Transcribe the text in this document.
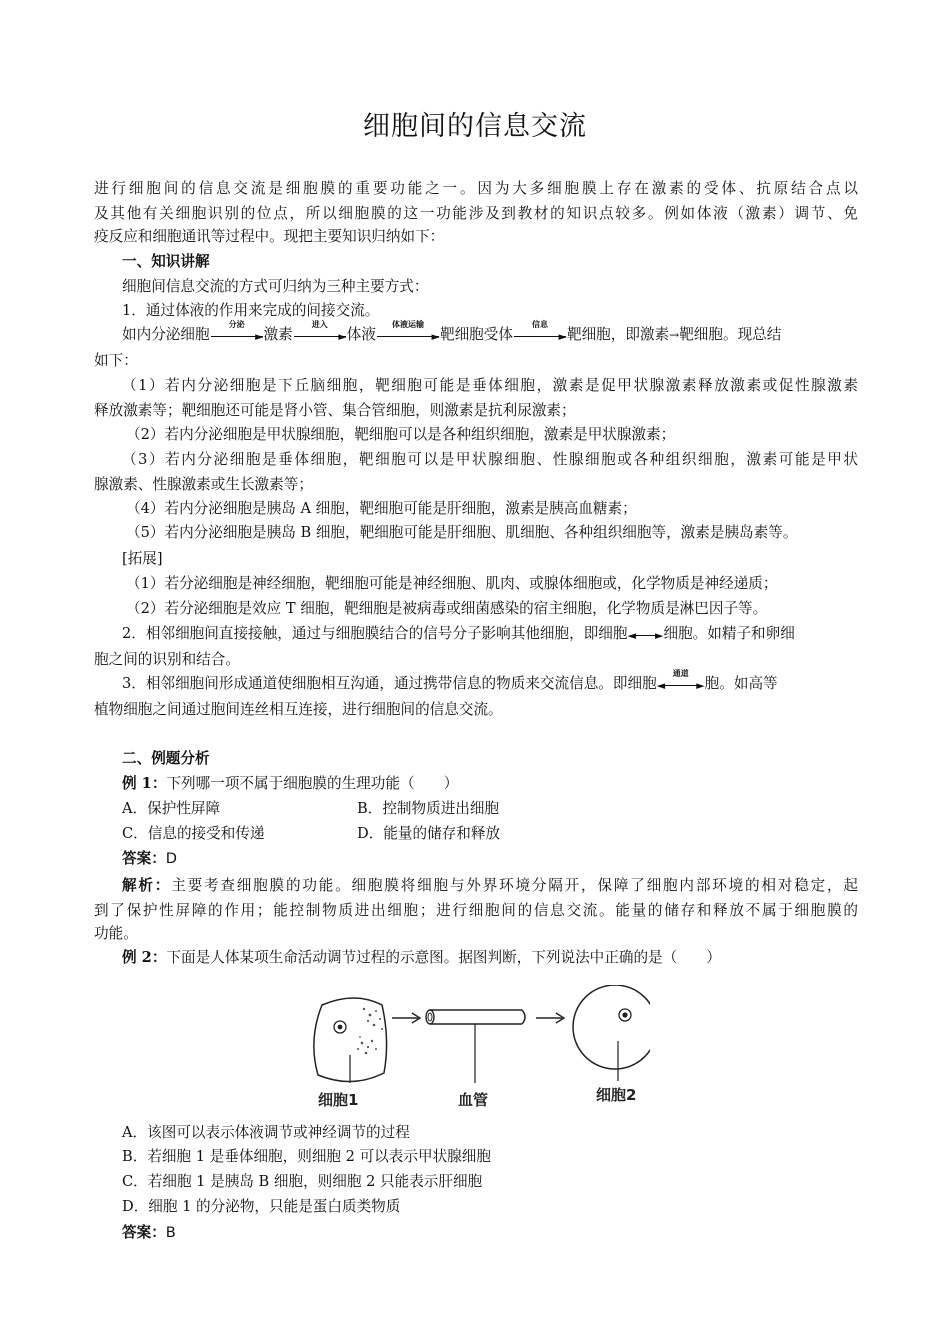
细胞间的信息交流
进行细胞间的信息交流是细胞膜的重要功能之一。因为大多细胞膜上存在激素的受体、抗原结合点以
及其他有关细胞识别的位点，所以细胞膜的这一功能涉及到教材的知识点较多。例如体液（激素）调节、免
疫反应和细胞通讯等过程中。现把主要知识归纳如下：
一、知识讲解
细胞间信息交流的方式可归纳为三种主要方式：
1．通过体液的作用来完成的间接交流。
如内分泌细胞
分泌
► 激素
进入
► 体液
体液运输
► 靶细胞受体
信息
► 靶细胞，即激素→靶细胞。现总结
如下：
（1）若内分泌细胞是下丘脑细胞，靶细胞可能是垂体细胞，激素是促甲状腺激素释放激素或促性腺激素
释放激素等；靶细胞还可能是肾小管、集合管细胞，则激素是抗利尿激素；
（2）若内分泌细胞是甲状腺细胞，靶细胞可以是各种组织细胞，激素是甲状腺激素；
（3）若内分泌细胞是垂体细胞，靶细胞可以是甲状腺细胞、性腺细胞或各种组织细胞，激素可能是甲状
腺激素、性腺激素或生长激素等；
（4）若内分泌细胞是胰岛 A 细胞，靶细胞可能是肝细胞，激素是胰高血糖素；
（5）若内分泌细胞是胰岛 B 细胞，靶细胞可能是肝细胞、肌细胞、各种组织细胞等，激素是胰岛素等。
[拓展]
（1）若分泌细胞是神经细胞，靶细胞可能是神经细胞、肌肉、或腺体细胞或，化学物质是神经递质；
（2）若分泌细胞是效应 T 细胞，靶细胞是被病毒或细菌感染的宿主细胞，化学物质是淋巴因子等。
2．相邻细胞间直接接触，通过与细胞膜结合的信号分子影响其他细胞，即细胞 ◄ ► 细胞。如精子和卵细
胞之间的识别和结合。
3．相邻细胞间形成通道使细胞相互沟通，通过携带信息的物质来交流信息。即细胞 ◄
通道
► 胞。如高等
植物细胞之间通过胞间连丝相互连接，进行细胞间的信息交流。
二、例题分析
例 1：下列哪一项不属于细胞膜的生理功能（　　）
A．保护性屏障	B．控制物质进出细胞
C．信息的接受和传递	D．能量的储存和释放
答案：D
解析：主要考查细胞膜的功能。细胞膜将细胞与外界环境分隔开，保障了细胞内部环境的相对稳定，起
到了保护性屏障的作用；能控制物质进出细胞；进行细胞间的信息交流。能量的储存和释放不属于细胞膜的
功能。
例 2：下面是人体某项生命活动调节过程的示意图。据图判断，下列说法中正确的是（　　）
细胞1	血管	细胞2
A．该图可以表示体液调节或神经调节的过程
B．若细胞 1 是垂体细胞，则细胞 2 可以表示甲状腺细胞
C．若细胞 1 是胰岛 B 细胞，则细胞 2 只能表示肝细胞
D．细胞 1 的分泌物，只能是蛋白质类物质
答案：B
